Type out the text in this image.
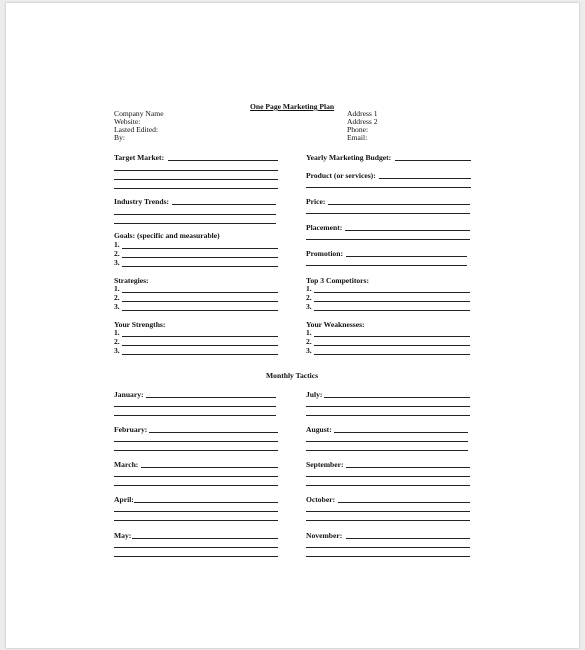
One Page Marketing Plan
Company Name
Website:
Lasted Edited:
By:
Address 1
Address 2
Phone:
Email:
Target Market:
Industry Trends:
Goals: (specific and measurable)
1.
2.
3.
Strategies:
1.
2.
3.
Your Strengths:
1.
2.
3.
Yearly Marketing Budget:
Product (or services):
Price:
Placement:
Promotion:
Top 3 Competitors:
1.
2.
3.
Your Weaknesses:
1.
2.
3.
Monthly Tactics
January:
February:
March:
April:
May:
July:
August:
September:
October:
November:
